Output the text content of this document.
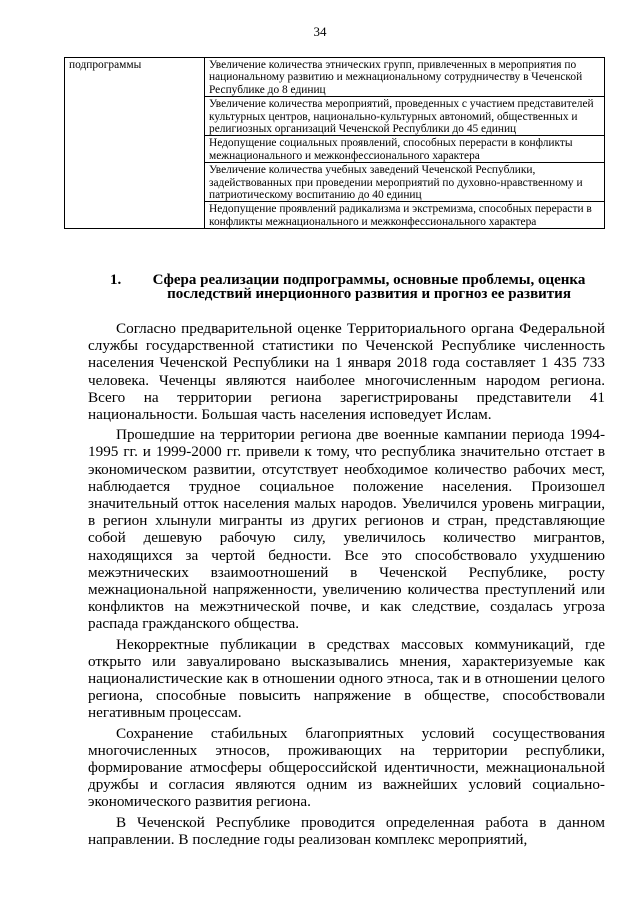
34
подпрограммы	Увеличение количества этнических групп, привлеченных в мероприятия по национальному развитию и межнациональному сотрудничеству в Чеченской Республике до 8 единиц
Увеличение количества мероприятий, проведенных с участием представителей культурных центров, национально-культурных автономий, общественных и религиозных организаций Чеченской Республики до 45 единиц
Недопущение социальных проявлений, способных перерасти в конфликты межнационального и межконфессионального характера
Увеличение количества учебных заведений Чеченской Республики, задействованных при проведении мероприятий по духовно-нравственному и патриотическому воспитанию до 40 единиц
Недопущение проявлений радикализма и экстремизма, способных перерасти в конфликты межнационального и межконфессионального характера
1.	Сфера реализации подпрограммы, основные проблемы, оценка последствий инерционного развития и прогноз ее развития

Согласно предварительной оценке Территориального органа Федеральной службы государственной статистики по Чеченской Республике численность населения Чеченской Республики на 1 января 2018 года составляет 1 435 733 человека. Чеченцы являются наиболее многочисленным народом региона. Всего на территории региона зарегистрированы представители 41 национальности. Большая часть населения исповедует Ислам.

Прошедшие на территории региона две военные кампании периода 1994-1995 гг. и 1999-2000 гг. привели к тому, что республика значительно отстает в экономическом развитии, отсутствует необходимое количество рабочих мест, наблюдается трудное социальное положение населения. Произошел значительный отток населения малых народов. Увеличился уровень миграции, в регион хлынули мигранты из других регионов и стран, представляющие собой дешевую рабочую силу, увеличилось количество мигрантов, находящихся за чертой бедности. Все это способствовало ухудшению межэтнических взаимоотношений в Чеченской Республике, росту межнациональной напряженности, увеличению количества преступлений или конфликтов на межэтнической почве, и как следствие, создалась угроза распада гражданского общества.

Некорректные публикации в средствах массовых коммуникаций, где открыто или завуалировано высказывались мнения, характеризуемые как националистические как в отношении одного этноса, так и в отношении целого региона, способные повысить напряжение в обществе, способствовали негативным процессам.

Сохранение стабильных благоприятных условий сосуществования многочисленных этносов, проживающих на территории республики, формирование атмосферы общероссийской идентичности, межнациональной дружбы и согласия являются одним из важнейших условий социально-экономического развития региона.

В Чеченской Республике проводится определенная работа в данном направлении. В последние годы реализован комплекс мероприятий,
